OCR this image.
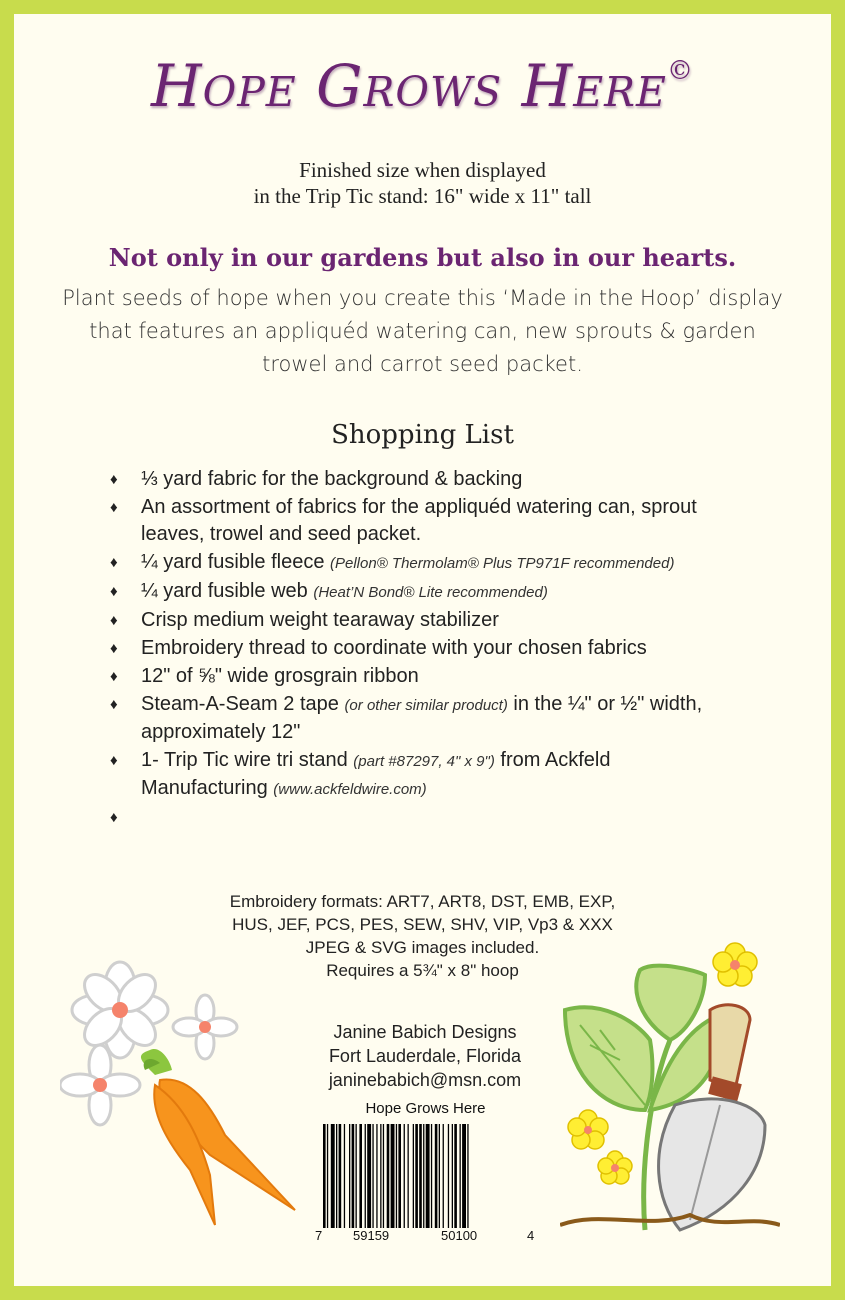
Hope Grows Here©
Finished size when displayed
in the Trip Tic stand: 16" wide x 11" tall
Not only in our gardens but also in our hearts.
Plant seeds of hope when you create this ‘Made in the Hoop’ display that features an appliquéd watering can, new sprouts & garden trowel and carrot seed packet.
Shopping List
♦ ⅓ yard fabric for the background & backing
♦ An assortment of fabrics for the appliquéd watering can, sprout leaves, trowel and seed packet.
♦ ¼ yard fusible fleece (Pellon® Thermolam® Plus TP971F recommended)
♦ ¼ yard fusible web (Heat’N Bond® Lite recommended)
♦ Crisp medium weight tearaway stabilizer
♦ Embroidery thread to coordinate with your chosen fabrics
♦ 12" of ⅝" wide grosgrain ribbon
♦ Steam-A-Seam 2 tape (or other similar product) in the ¼" or ½" width, approximately 12"
♦ 1- Trip Tic wire tri stand (part #87297, 4" x 9") from Ackfeld Manufacturing (www.ackfeldwire.com)
♦
Embroidery formats: ART7, ART8, DST, EMB, EXP,
HUS, JEF, PCS, PES, SEW, SHV, VIP, Vp3 & XXX
JPEG & SVG images included.
Requires a 5¾" x 8" hoop
Janine Babich Designs
Fort Lauderdale, Florida
janinebabich@msn.com
Hope Grows Here
7 59159	50100	4
